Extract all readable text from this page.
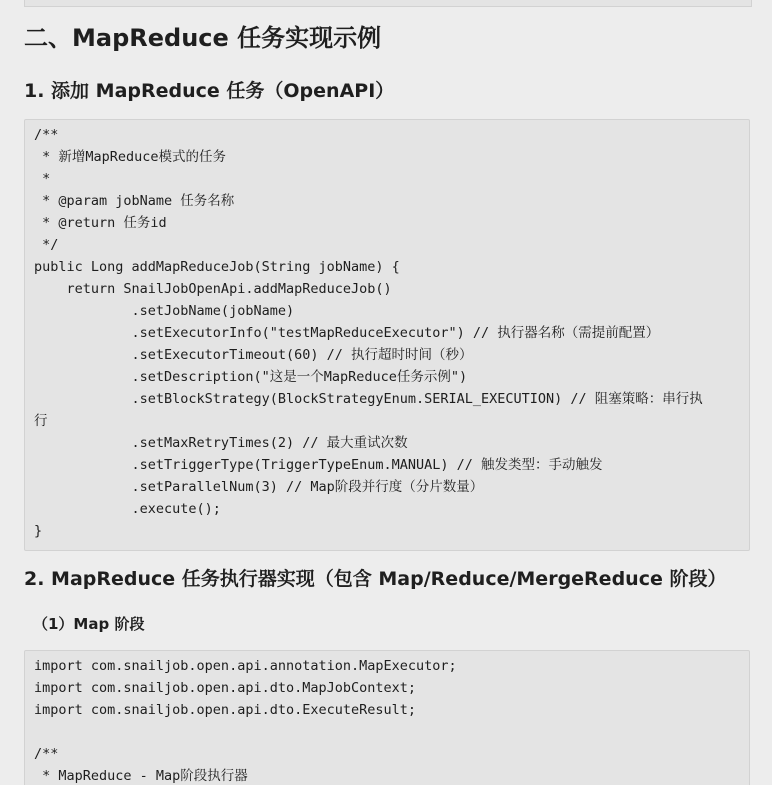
二、MapReduce 任务实现示例
1. 添加 MapReduce 任务（OpenAPI）
/**
* 新增MapReduce模式的任务
*
* @param jobName 任务名称
* @return 任务id
*/
public Long addMapReduceJob(String jobName) {
return SnailJobOpenApi.addMapReduceJob()
.setJobName(jobName)
.setExecutorInfo("testMapReduceExecutor") // 执行器名称（需提前配置）
.setExecutorTimeout(60) // 执行超时时间（秒）
.setDescription("这是一个MapReduce任务示例")
.setBlockStrategy(BlockStrategyEnum.SERIAL_EXECUTION) // 阻塞策略：串行执
行
.setMaxRetryTimes(2) // 最大重试次数
.setTriggerType(TriggerTypeEnum.MANUAL) // 触发类型：手动触发
.setParallelNum(3) // Map阶段并行度（分片数量）
.execute();
}
2. MapReduce 任务执行器实现（包含 Map/Reduce/MergeReduce 阶段）
（1）Map 阶段
import com.snailjob.open.api.annotation.MapExecutor;
import com.snailjob.open.api.dto.MapJobContext;
import com.snailjob.open.api.dto.ExecuteResult;
/**
* MapReduce - Map阶段执行器
